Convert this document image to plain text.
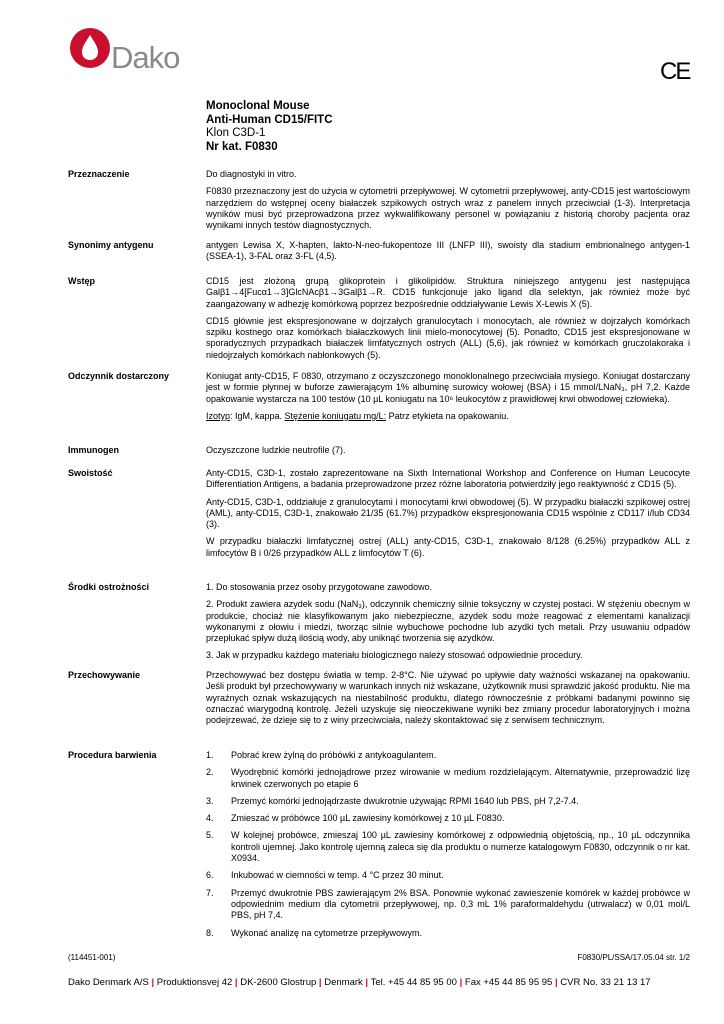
Dako	CE
Monoclonal Mouse
Anti-Human CD15/FITC
Klon C3D-1
Nr kat. F0830
Przeznaczenie	Do diagnostyki in vitro.

F0830 przeznaczony jest do użycia w cytometrii przepływowej. W cytometrii przepływowej, anty-CD15 jest wartościowym narzędziem do wstępnej oceny białaczek szpikowych ostrych wraz z panelem innych przeciwciał (1-3). Interpretacja wyników musi być przeprowadzona przez wykwalifikowany personel w powiązaniu z historią choroby pacjenta oraz wynikami innych testów diagnostycznych.

Synonimy antygenu	antygen Lewisa X, X-hapten, lakto-N-neo-fukopentoze III (LNFP III), swoisty dla stadium embrionalnego antygen-1 (SSEA-1), 3-FAL oraz 3-FL (4,5).

Wstęp	CD15 jest złożoną grupą glikoprotein i glikolipidów. Struktura niniejszego antygenu jest następująca Galβ1→4[Fucα1→3]GlcNAcβ1→3Galβ1→R. CD15 funkcjonuje jako ligand dla selektyn, jak również może być zaangażowany w adhezję komórkową poprzez bezpośrednie oddziaływanie Lewis X-Lewis X (5).

CD15 głównie jest ekspresjonowane w dojrzałych granulocytach i monocytach, ale również w dojrzałych komórkach szpiku kostnego oraz komórkach białaczkowych linii mielo-monocytowej (5). Ponadto, CD15 jest ekspresjonowane w sporadycznych przypadkach białaczek limfatycznych ostrych (ALL) (5,6), jak również w komórkach gruczolakoraka i niedojrzałych komórkach nabłonkowych (5).

Odczynnik dostarczony	Koniugat anty-CD15, F 0830, otrzymano z oczyszczonego monoklonalnego przeciwciała mysiego. Koniugat dostarczany jest w formie płynnej w buforze zawierającym 1% albuminę surowicy wołowej (BSA) i 15 mmol/LNaN₃, pH 7,2. Każde opakowanie wystarcza na 100 testów (10 µL koniugatu na 10⁶ leukocytów z prawidłowej krwi obwodowej człowieka).

Izotyp: IgM, kappa. Stężenie koniugatu mg/L: Patrz etykieta na opakowaniu.

Immunogen	Oczyszczone ludzkie neutrofile (7).

Swoistość	Anty-CD15, C3D-1, zostało zaprezentowane na Sixth International Workshop and Conference on Human Leucocyte Differentiation Antigens, a badania przeprowadzone przez różne laboratoria potwierdziły jego reaktywność z CD15 (5).

Anty-CD15, C3D-1, oddziałuje z granulocytami i monocytami krwi obwodowej (5). W przypadku białaczki szpikowej ostrej (AML), anty-CD15, C3D-1, znakowało 21/35 (61.7%) przypadków ekspresjonowania CD15 wspólnie z CD117 i/lub CD34 (3).

W przypadku białaczki limfatycznej ostrej (ALL) anty-CD15, C3D-1, znakowało 8/128 (6.25%) przypadków ALL z limfocytów B i 0/26 przypadków ALL z limfocytów T (6).

Środki ostrożności	1. Do stosowania przez osoby przygotowane zawodowo.

2. Produkt zawiera azydek sodu (NaN₃), odczynnik chemiczny silnie toksyczny w czystej postaci. W stężeniu obecnym w produkcie, chociaż nie klasyfikowanym jako niebezpieczne, azydek sodu może reagować z elementami kanalizacji wykonanymi z ołowiu i miedzi, tworząc silnie wybuchowe pochodne lub azydki tych metali. Przy usuwaniu odpadów przepłukać spływ dużą ilością wody, aby uniknąć tworzenia się azydków.

3. Jak w przypadku każdego materiału biologicznego należy stosować odpowiednie procedury.

Przechowywanie	Przechowywać bez dostępu światła w temp. 2-8°C. Nie używać po upływie daty ważności wskazanej na opakowaniu. Jeśli produkt był przechowywany w warunkach innych niż wskazane, użytkownik musi sprawdzić jakość produktu. Nie ma wyraźnych oznak wskazujących na niestabilność produktu, dlatego równocześnie z próbkami badanymi powinno się oznaczać wiarygodną kontrolę. Jeżeli uzyskuje się nieoczekiwane wyniki bez zmiany procedur laboratoryjnych i można podejrzewać, że dzieje się to z winy przeciwciała, należy skontaktować się z serwisem technicznym.

Procedura barwienia	1.	Pobrać krew żylną do próbówki z antykoagulantem.
2.	Wyodrębnić komórki jednojądrowe przez wirowanie w medium rozdzielającym. Alternatywnie, przeprowadzić lizę krwinek czerwonych po etapie 6
3.	Przemyć komórki jednojądrzaste dwukrotnie używając RPMI 1640 lub PBS, pH 7,2-7.4.
4.	Zmieszać w próbówce 100 µL zawiesiny komórkowej z 10 µL F0830.
5.	W kolejnej probówce, zmieszaj 100 µL zawiesiny komórkowej z odpowiednią objętością, np., 10 µL odczynnika kontroli ujemnej. Jako kontrolę ujemną zaleca się dla produktu o numerze katalogowym F0830, odczynnik o nr kat. X0934.
6.	Inkubować w ciemności w temp. 4 °C przez 30 minut.
7.	Przemyć dwukrotnie PBS zawierającym 2% BSA. Ponownie wykonać zawieszenie komórek w każdej probówce w odpowiednim medium dla cytometrii przepływowej, np. 0,3 mL 1% paraformaldehydu (utrwalacz) w 0,01 mol/L PBS, pH 7,4.
8.	Wykonać analizę na cytometrze przepływowym.
(114451-001)	F0830/PL/SSA/17.05.04 str. 1/2
Dako Denmark A/S | Produktionsvej 42 | DK-2600 Glostrup | Denmark | Tel. +45 44 85 95 00 | Fax +45 44 85 95 95 | CVR No. 33 21 13 17
